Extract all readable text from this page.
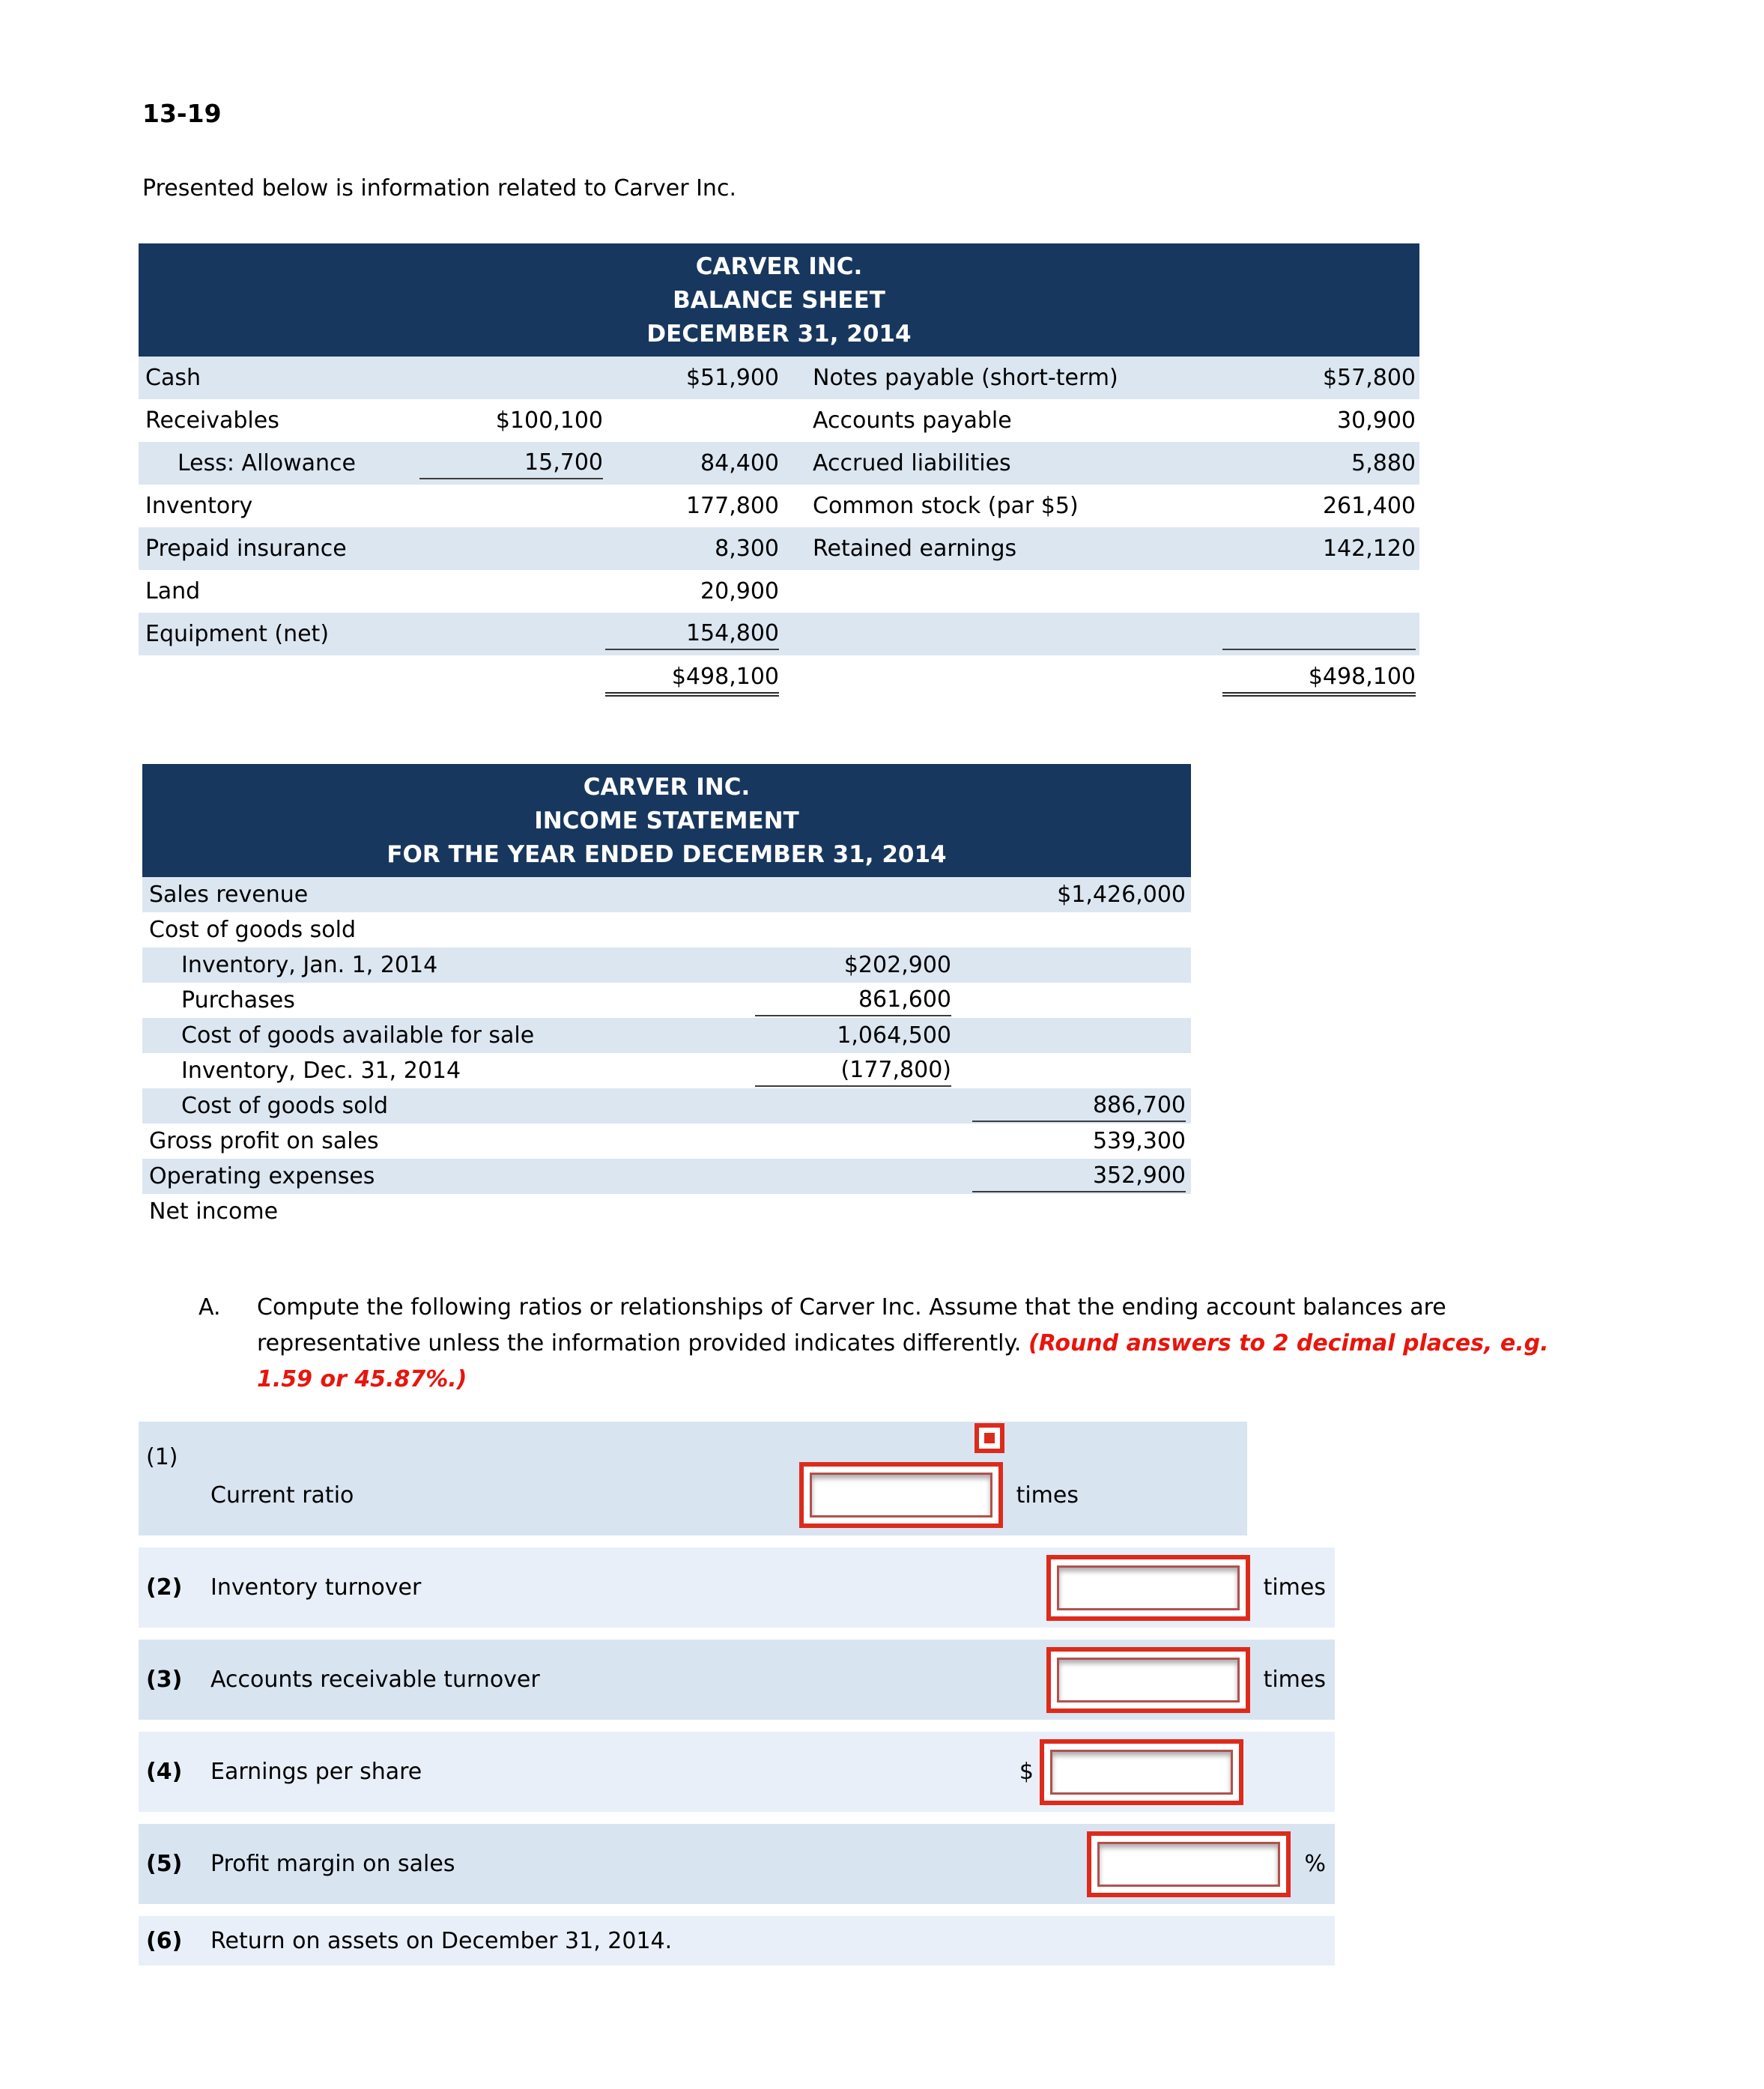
13-19
Presented below is information related to Carver Inc.
CARVER INC.
BALANCE SHEET
DECEMBER 31, 2014
Cash	$51,900	Notes payable (short-term)	$57,800
Receivables	$100,100	Accounts payable	30,900
Less: Allowance	15,700	84,400	Accrued liabilities	5,880
Inventory	177,800	Common stock (par $5)	261,400
Prepaid insurance	8,300	Retained earnings	142,120
Land	20,900
Equipment (net)	154,800

$498,100	$498,100
CARVER INC.
INCOME STATEMENT
FOR THE YEAR ENDED DECEMBER 31, 2014
Sales revenue	$1,426,000
Cost of goods sold
Inventory, Jan. 1, 2014	$202,900
Purchases	861,600
Cost of goods available for sale	1,064,500
Inventory, Dec. 31, 2014	(177,800)
Cost of goods sold	886,700
Gross profit on sales	539,300
Operating expenses	352,900
Net income
A.	Compute the following ratios or relationships of Carver Inc. Assume that the ending account balances are representative unless the information provided indicates differently. (Round answers to 2 decimal places, e.g. 1.59 or 45.87%.)
(1)
Current ratio	times
(2)	Inventory turnover	times
(3)	Accounts receivable turnover	times
(4)	Earnings per share	$
(5)	Profit margin on sales	%
(6)	Return on assets on December 31, 2014.
